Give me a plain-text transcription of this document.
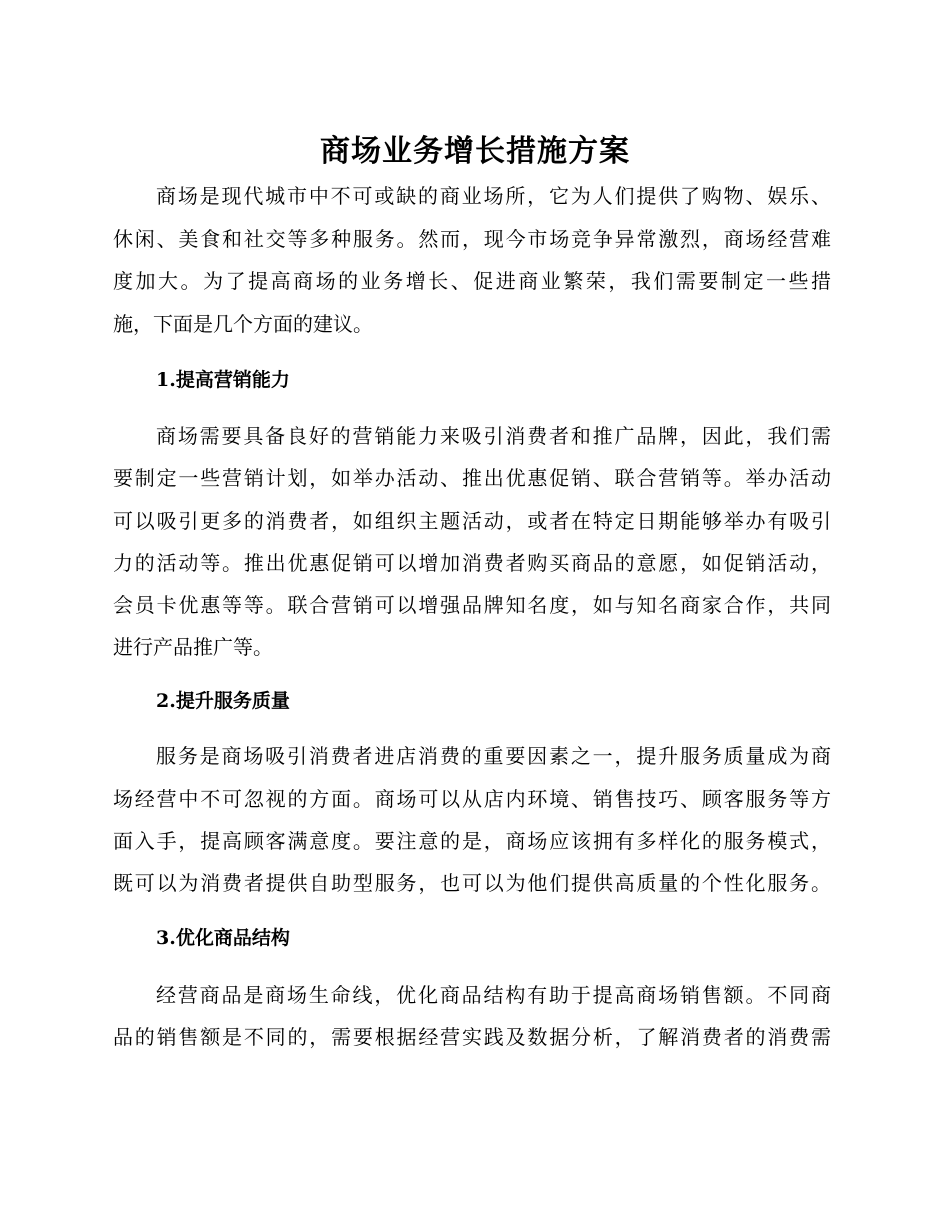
商场业务增长措施方案
商场是现代城市中不可或缺的商业场所，它为人们提供了购物、娱乐、
休闲、美食和社交等多种服务。然而，现今市场竞争异常激烈，商场经营难
度加大。为了提高商场的业务增长、促进商业繁荣，我们需要制定一些措
施，下面是几个方面的建议。
1.提高营销能力
商场需要具备良好的营销能力来吸引消费者和推广品牌，因此，我们需
要制定一些营销计划，如举办活动、推出优惠促销、联合营销等。举办活动
可以吸引更多的消费者，如组织主题活动，或者在特定日期能够举办有吸引
力的活动等。推出优惠促销可以增加消费者购买商品的意愿，如促销活动，
会员卡优惠等等。联合营销可以增强品牌知名度，如与知名商家合作，共同
进行产品推广等。
2.提升服务质量
服务是商场吸引消费者进店消费的重要因素之一，提升服务质量成为商
场经营中不可忽视的方面。商场可以从店内环境、销售技巧、顾客服务等方
面入手，提高顾客满意度。要注意的是，商场应该拥有多样化的服务模式，
既可以为消费者提供自助型服务，也可以为他们提供高质量的个性化服务。
3.优化商品结构
经营商品是商场生命线，优化商品结构有助于提高商场销售额。不同商
品的销售额是不同的，需要根据经营实践及数据分析，了解消费者的消费需
